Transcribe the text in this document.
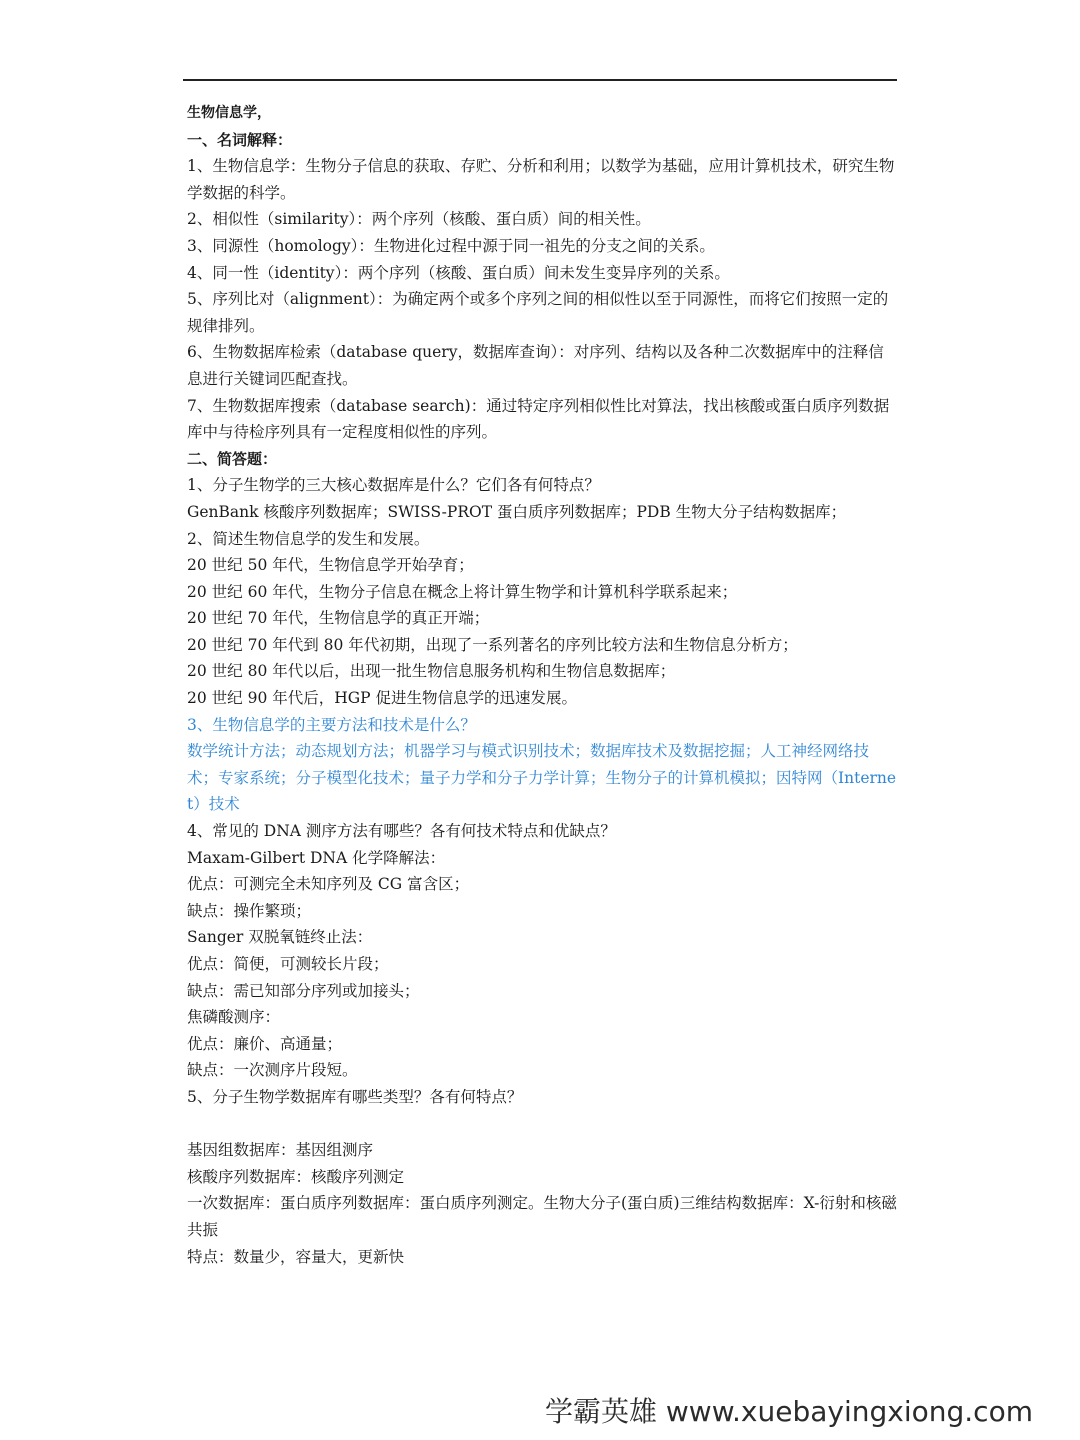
生物信息学，
一、名词解释：
1、生物信息学：生物分子信息的获取、存贮、分析和利用；以数学为基础，应用计算机技术，研究生物学数据的科学。
2、相似性（similarity）：两个序列（核酸、蛋白质）间的相关性。
3、同源性（homology）：生物进化过程中源于同一祖先的分支之间的关系。
4、同一性（identity）：两个序列（核酸、蛋白质）间未发生变异序列的关系。
5、序列比对（alignment）：为确定两个或多个序列之间的相似性以至于同源性，而将它们按照一定的规律排列。
6、生物数据库检索（database query，数据库查询）：对序列、结构以及各种二次数据库中的注释信息进行关键词匹配查找。
7、生物数据库搜索（database search)：通过特定序列相似性比对算法，找出核酸或蛋白质序列数据库中与待检序列具有一定程度相似性的序列。
二、简答题：
1、分子生物学的三大核心数据库是什么？它们各有何特点？
GenBank 核酸序列数据库；SWISS-PROT 蛋白质序列数据库；PDB 生物大分子结构数据库；
2、简述生物信息学的发生和发展。
20 世纪 50 年代，生物信息学开始孕育；
20 世纪 60 年代，生物分子信息在概念上将计算生物学和计算机科学联系起来；
20 世纪 70 年代，生物信息学的真正开端；
20 世纪 70 年代到 80 年代初期，出现了一系列著名的序列比较方法和生物信息分析方；
20 世纪 80 年代以后，出现一批生物信息服务机构和生物信息数据库；
20 世纪 90 年代后，HGP 促进生物信息学的迅速发展。
3、生物信息学的主要方法和技术是什么？
数学统计方法；动态规划方法；机器学习与模式识别技术；数据库技术及数据挖掘；人工神经网络技术；专家系统；分子模型化技术；量子力学和分子力学计算；生物分子的计算机模拟；因特网（Internet）技术
4、常见的 DNA 测序方法有哪些？各有何技术特点和优缺点？
Maxam-Gilbert DNA 化学降解法：
优点：可测完全未知序列及 CG 富含区；
缺点：操作繁琐；
Sanger 双脱氧链终止法：
优点：简便，可测较长片段；
缺点：需已知部分序列或加接头；
焦磷酸测序：
优点：廉价、高通量；
缺点：一次测序片段短。
5、分子生物学数据库有哪些类型？各有何特点？
基因组数据库：基因组测序
核酸序列数据库：核酸序列测定
一次数据库：蛋白质序列数据库：蛋白质序列测定。生物大分子(蛋白质)三维结构数据库：X-衍射和核磁共振
特点：数量少，容量大，更新快
学霸英雄 www.xuebayingxiong.com
